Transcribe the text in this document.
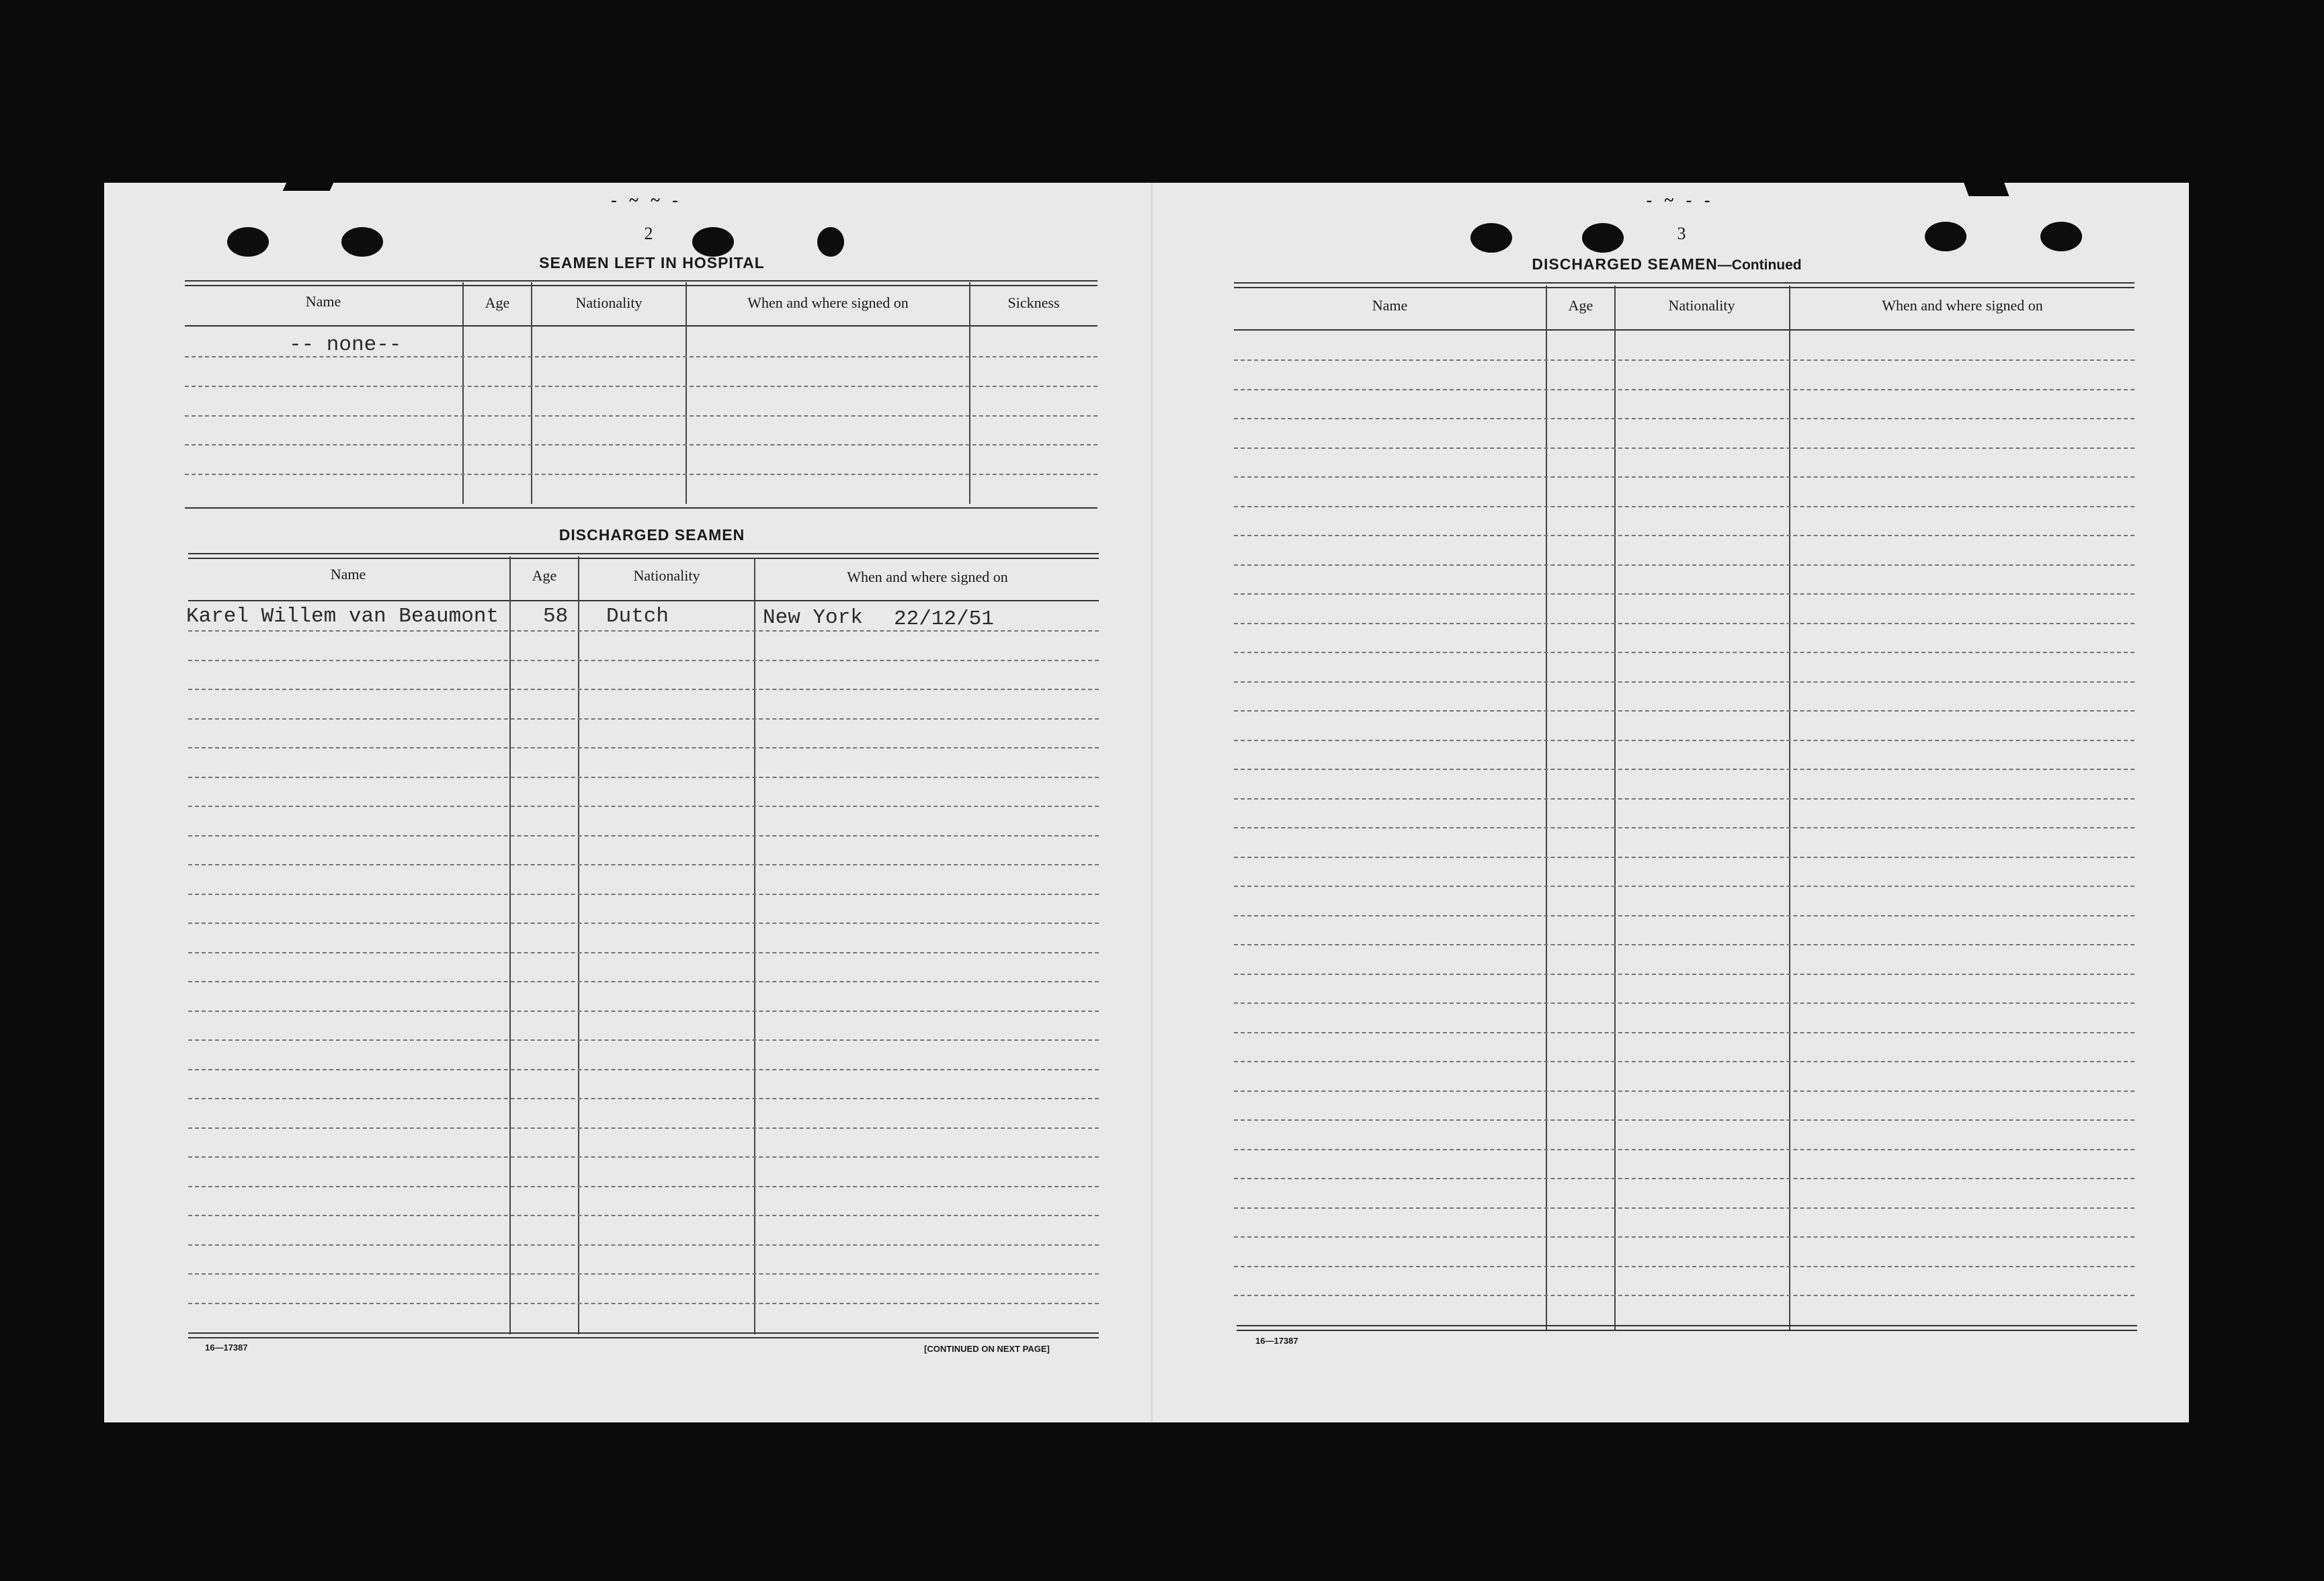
- ~ ~ -
2
SEAMEN LEFT IN HOSPITAL
Name	Age	Nationality	When and where signed on	Sickness
-- none--
DISCHARGED SEAMEN
Name	Age	Nationality	When and where signed on
Karel Willem van Beaumont 58 Dutch	New York 22/12/51
16—17387	[CONTINUED ON NEXT PAGE]
- ~ - -
3
DISCHARGED SEAMEN—Continued
Name	Age	Nationality	When and where signed on
16—17387
